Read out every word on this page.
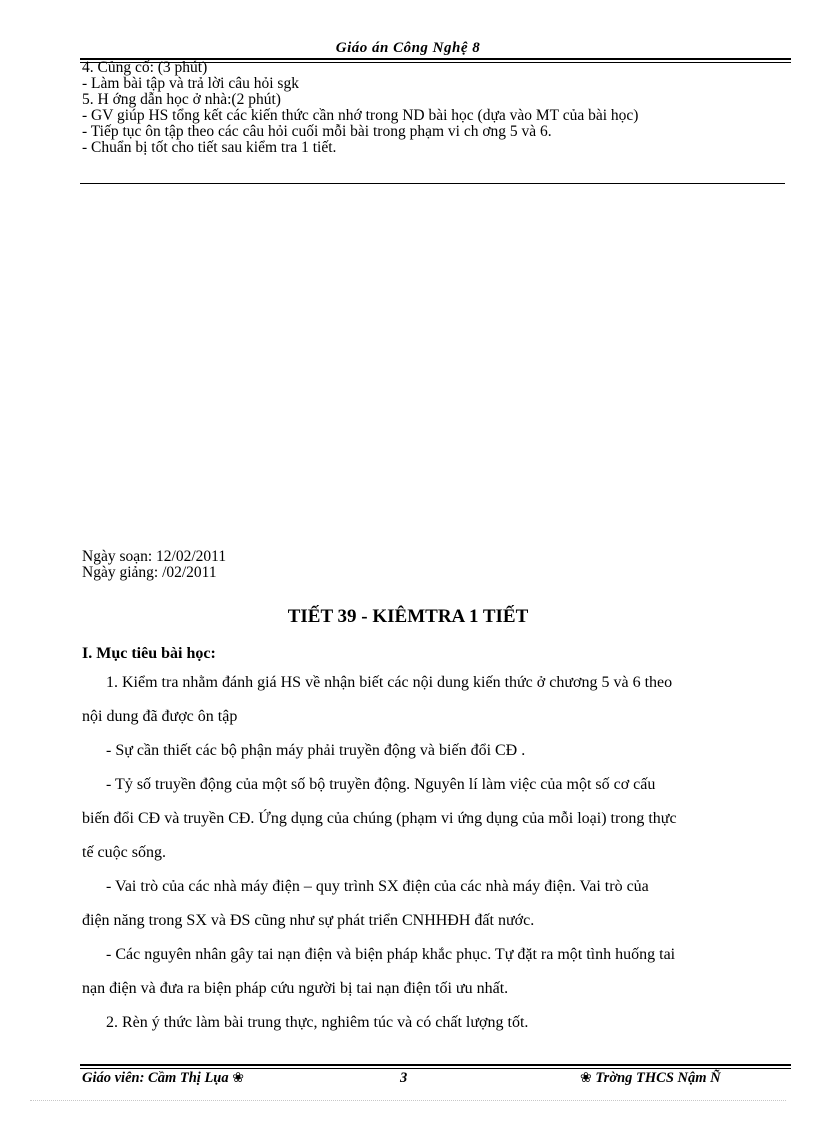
Giáo án Công Nghệ 8
4. Củng cố: (3 phút)
- Làm bài tập và trả lời câu hỏi sgk
5. H ớng dẫn học ở nhà:(2 phút)
- GV giúp HS tổng kết các kiến thức cần nhớ trong ND bài học (dựa vào MT của bài học)
- Tiếp tục ôn tập theo các câu hỏi cuối mỗi bài trong phạm vi ch ơng 5 và 6.
- Chuẩn bị tốt cho tiết sau kiểm tra 1 tiết.
Ngày soạn: 12/02/2011
Ngày giảng: /02/2011
TIẾT 39 - KIÊMTRA 1 TIẾT
I. Mục tiêu bài học:
1. Kiểm tra nhằm đánh giá HS về nhận biết các nội dung kiến thức ở chương 5 và 6 theo
nội dung đã được ôn tập
- Sự cần thiết các bộ phận máy phải truyền động và biến đổi CĐ .
- Tỷ số truyền động của một số bộ truyền động. Nguyên lí làm việc của một số cơ cấu
biến đổi CĐ và truyền CĐ. Ứng dụng của chúng (phạm vi ứng dụng của mỗi loại) trong thực
tế cuộc sống.
- Vai trò của các nhà máy điện – quy trình SX điện của các nhà máy điện. Vai trò của
điện năng trong SX và ĐS cũng như sự phát triển CNHHĐH đất nước.
- Các nguyên nhân gây tai nạn điện và biện pháp khắc phục. Tự đặt ra một tình huống tai
nạn điện và đưa ra biện pháp cứu người bị tai nạn điện tối ưu nhất.
2. Rèn ý thức làm bài trung thực, nghiêm túc và có chất lượng tốt.
Giáo viên: Cầm Thị Lụa ❀	3	❀ Trờng THCS Nậm Ñ
